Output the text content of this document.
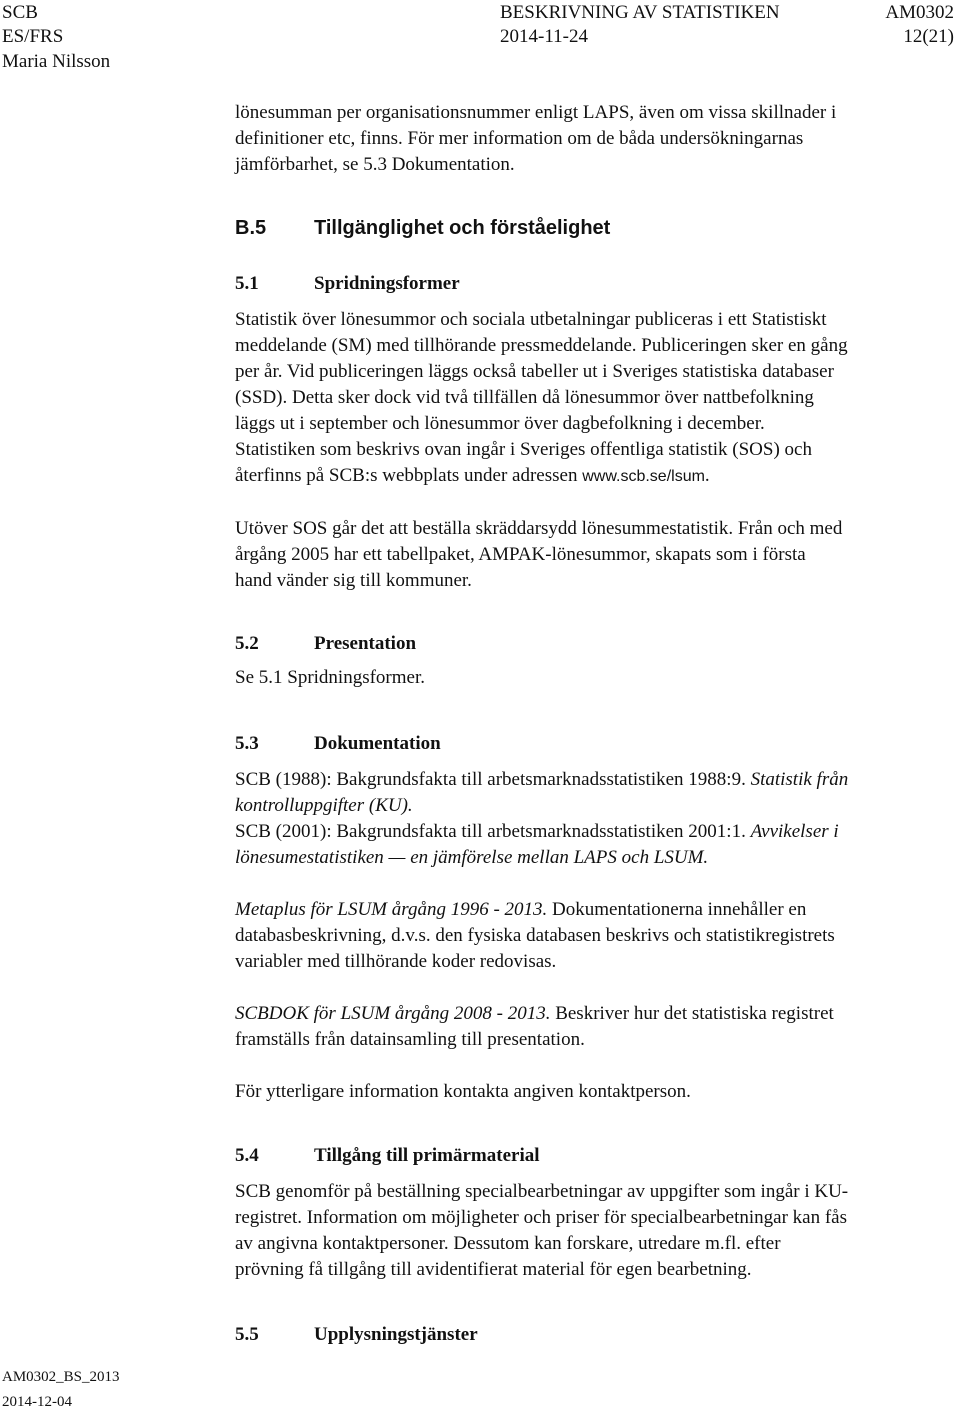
SCB
ES/FRS
Maria Nilsson
BESKRIVNING AV STATISTIKEN
2014-11-24
AM0302
12(21)

lönesumman per organisationsnummer enligt LAPS, även om vissa skillnader i

definitioner etc, finns. För mer information om de båda undersökningarnas

jämförbarhet, se 5.3 Dokumentation.

B.5 Tillgänglighet och förståelighet
5.1	Spridningsformer

Statistik över lönesummor och sociala utbetalningar publiceras i ett Statistiskt

meddelande (SM) med tillhörande pressmeddelande. Publiceringen sker en gång

per år. Vid publiceringen läggs också tabeller ut i Sveriges statistiska databaser

(SSD). Detta sker dock vid två tillfällen då lönesummor över nattbefolkning

läggs ut i september och lönesummor över dagbefolkning i december.

Statistiken som beskrivs ovan ingår i Sveriges offentliga statistik (SOS) och

återfinns på SCB:s webbplats under adressen www.scb.se/lsum.

Utöver SOS går det att beställa skräddarsydd lönesummestatistik. Från och med

årgång 2005 har ett tabellpaket, AMPAK-lönesummor, skapats som i första

hand vänder sig till kommuner.

5.2	Presentation

Se 5.1 Spridningsformer.

5.3	Dokumentation

SCB (1988): Bakgrundsfakta till arbetsmarknadsstatistiken 1988:9. Statistik från

kontrolluppgifter (KU).

SCB (2001): Bakgrundsfakta till arbetsmarknadsstatistiken 2001:1. Avvikelser i

lönesumestatistiken — en jämförelse mellan LAPS och LSUM.

Metaplus för LSUM årgång 1996 - 2013. Dokumentationerna innehåller en

databasbeskrivning, d.v.s. den fysiska databasen beskrivs och statistikregistrets

variabler med tillhörande koder redovisas.

SCBDOK för LSUM årgång 2008 - 2013. Beskriver hur det statistiska registret

framställs från datainsamling till presentation.

För ytterligare information kontakta angiven kontaktperson.

5.4	Tillgång till primärmaterial

SCB genomför på beställning specialbearbetningar av uppgifter som ingår i KU-

registret. Information om möjligheter och priser för specialbearbetningar kan fås

av angivna kontaktpersoner. Dessutom kan forskare, utredare m.fl. efter

prövning få tillgång till avidentifierat material för egen bearbetning.

5.5	Upplysningstjänster
AM0302_BS_2013
2014-12-04
